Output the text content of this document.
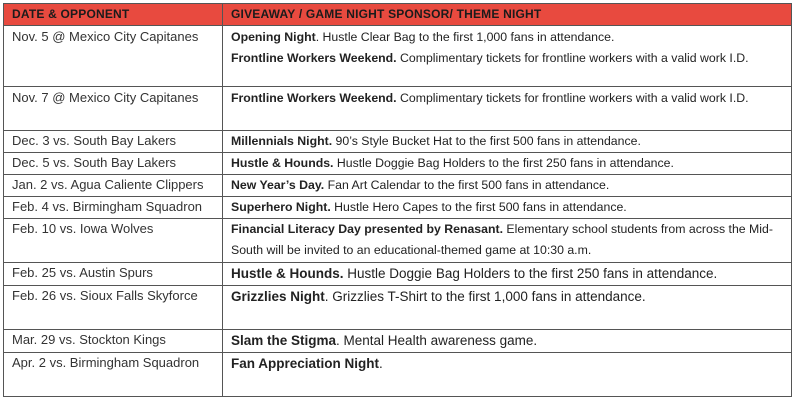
DATE & OPPONENT	GIVEAWAY / GAME NIGHT SPONSOR/ THEME NIGHT
Nov. 5 @ Mexico City Capitanes	Opening Night. Hustle Clear Bag to the first 1,000 fans in attendance.
Frontline Workers Weekend. Complimentary tickets for frontline workers with a valid work I.D.

Nov. 7 @ Mexico City Capitanes	Frontline Workers Weekend. Complimentary tickets for frontline workers with a valid work I.D.
Dec. 3 vs. South Bay Lakers	Millennials Night. 90’s Style Bucket Hat to the first 500 fans in attendance.
Dec. 5 vs. South Bay Lakers	Hustle & Hounds. Hustle Doggie Bag Holders to the first 250 fans in attendance.
Jan. 2 vs. Agua Caliente Clippers	New Year’s Day. Fan Art Calendar to the first 500 fans in attendance.
Feb. 4 vs. Birmingham Squadron	Superhero Night. Hustle Hero Capes to the first 500 fans in attendance.
Feb. 10 vs. Iowa Wolves	Financial Literacy Day presented by Renasant. Elementary school students from across the Mid-South will be invited to an educational-themed game at 10:30 a.m.
Feb. 25 vs. Austin Spurs	Hustle & Hounds. Hustle Doggie Bag Holders to the first 250 fans in attendance.
Feb. 26 vs. Sioux Falls Skyforce	Grizzlies Night. Grizzlies T-Shirt to the first 1,000 fans in attendance.
Mar. 29 vs. Stockton Kings	Slam the Stigma. Mental Health awareness game.
Apr. 2 vs. Birmingham Squadron	Fan Appreciation Night.
